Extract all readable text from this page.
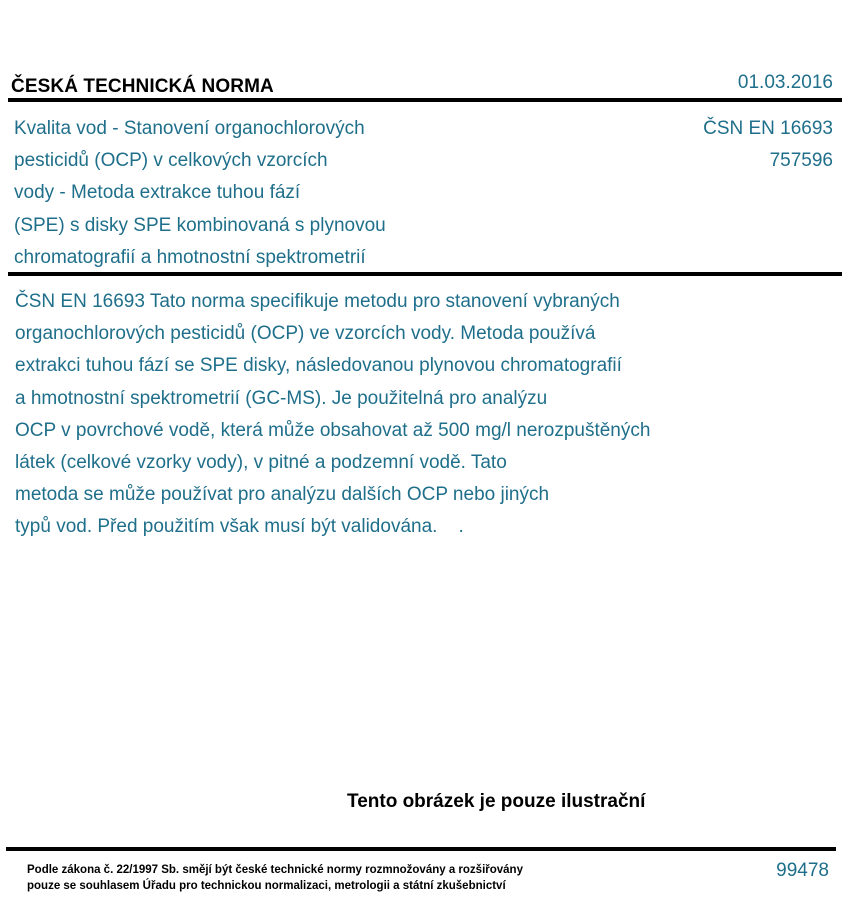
ČESKÁ TECHNICKÁ NORMA	01.03.2016
Kvalita vod - Stanovení organochlorových
pesticidů (OCP) v celkových vzorcích
vody - Metoda extrakce tuhou fází
(SPE) s disky SPE kombinovaná s plynovou
chromatografií a hmotnostní spektrometrií
ČSN EN 16693
757596
ČSN EN 16693 Tato norma specifikuje metodu pro stanovení vybraných
organochlorových pesticidů (OCP) ve vzorcích vody. Metoda používá
extrakci tuhou fází se SPE disky, následovanou plynovou chromatografií
a hmotnostní spektrometrií (GC-MS). Je použitelná pro analýzu
OCP v povrchové vodě, která může obsahovat až 500 mg/l nerozpuštěných
látek (celkové vzorky vody), v pitné a podzemní vodě. Tato
metoda se může používat pro analýzu dalších OCP nebo jiných
typů vod. Před použitím však musí být validována.    .
Tento obrázek je pouze ilustrační
Podle zákona č. 22/1997 Sb. smějí být české technické normy rozmnožovány a rozšiřovány
pouze se souhlasem Úřadu pro technickou normalizaci, metrologii a státní zkušebnictví
99478
